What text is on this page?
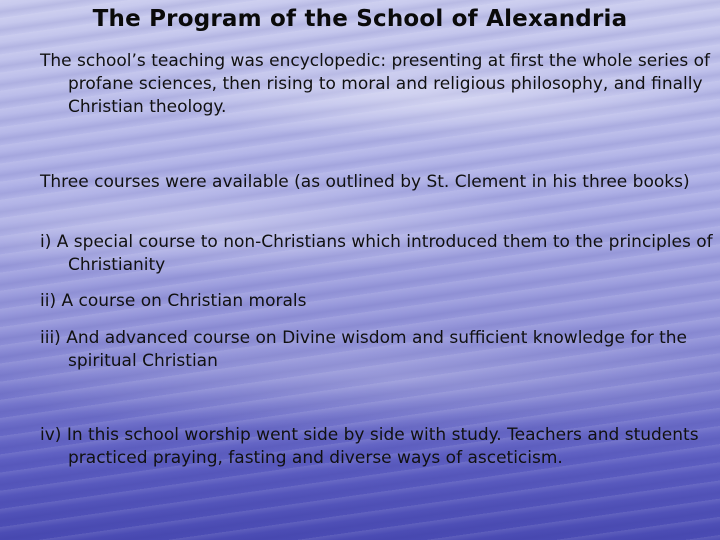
The Program of the School of Alexandria
The school’s teaching was encyclopedic: presenting at first the whole series of profane sciences, then rising to moral and religious philosophy, and finally Christian theology.
Three courses were available (as outlined by St. Clement in his three books)
i) A special course to non-Christians which introduced them to the principles of Christianity
ii) A course on Christian morals
iii) And advanced course on Divine wisdom and sufficient knowledge for the spiritual Christian
iv) In this school worship went side by side with study. Teachers and students practiced praying, fasting and diverse ways of asceticism.
